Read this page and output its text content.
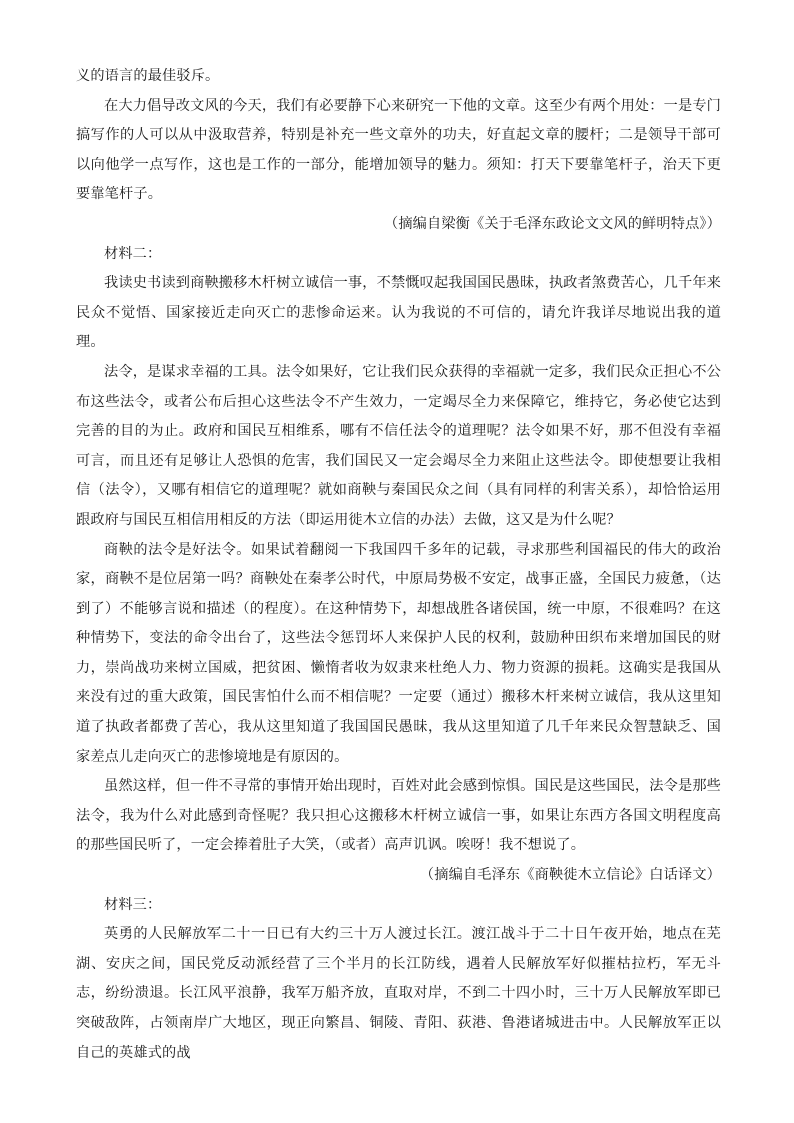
义的语言的最佳驳斥。

在大力倡导改文风的今天，我们有必要静下心来研究一下他的文章。这至少有两个用处：一是专门搞写作的人可以从中汲取营养，特别是补充一些文章外的功夫，好直起文章的腰杆；二是领导干部可以向他学一点写作，这也是工作的一部分，能增加领导的魅力。须知：打天下要靠笔杆子，治天下更要靠笔杆子。

（摘编自梁衡《关于毛泽东政论文文风的鲜明特点》）

材料二：

我读史书读到商鞅搬移木杆树立诚信一事，不禁慨叹起我国国民愚昧，执政者煞费苦心，几千年来民众不觉悟、国家接近走向灭亡的悲惨命运来。认为我说的不可信的，请允许我详尽地说出我的道理。

法令，是谋求幸福的工具。法令如果好，它让我们民众获得的幸福就一定多，我们民众正担心不公布这些法令，或者公布后担心这些法令不产生效力，一定竭尽全力来保障它，维持它，务必使它达到完善的目的为止。政府和国民互相维系，哪有不信任法令的道理呢？法令如果不好，那不但没有幸福可言，而且还有足够让人恐惧的危害，我们国民又一定会竭尽全力来阻止这些法令。即使想要让我相信（法令），又哪有相信它的道理呢？就如商鞅与秦国民众之间（具有同样的利害关系），却恰恰运用跟政府与国民互相信用相反的方法（即运用徙木立信的办法）去做，这又是为什么呢？

商鞅的法令是好法令。如果试着翻阅一下我国四千多年的记载，寻求那些利国福民的伟大的政治家，商鞅不是位居第一吗？商鞅处在秦孝公时代，中原局势极不安定，战事正盛，全国民力疲惫，（达到了）不能够言说和描述（的程度）。在这种情势下，却想战胜各诸侯国，统一中原，不很难吗？在这种情势下，变法的命令出台了，这些法令惩罚坏人来保护人民的权利，鼓励种田织布来增加国民的财力，崇尚战功来树立国威，把贫困、懒惰者收为奴隶来杜绝人力、物力资源的损耗。这确实是我国从来没有过的重大政策，国民害怕什么而不相信呢？一定要（通过）搬移木杆来树立诚信，我从这里知道了执政者都费了苦心，我从这里知道了我国国民愚昧，我从这里知道了几千年来民众智慧缺乏、国家差点儿走向灭亡的悲惨境地是有原因的。

虽然这样，但一件不寻常的事情开始出现时，百姓对此会感到惊惧。国民是这些国民，法令是那些法令，我为什么对此感到奇怪呢？我只担心这搬移木杆树立诚信一事，如果让东西方各国文明程度高的那些国民听了，一定会捧着肚子大笑，（或者）高声讥讽。唉呀！我不想说了。

（摘编自毛泽东《商鞅徙木立信论》白话译文）

材料三：

英勇的人民解放军二十一日已有大约三十万人渡过长江。渡江战斗于二十日午夜开始，地点在芜湖、安庆之间，国民党反动派经营了三个半月的长江防线，遇着人民解放军好似摧枯拉朽，军无斗志，纷纷溃退。长江风平浪静，我军万船齐放，直取对岸，不到二十四小时，三十万人民解放军即已突破敌阵，占领南岸广大地区，现正向繁昌、铜陵、青阳、荻港、鲁港诸城进击中。人民解放军正以自己的英雄式的战
